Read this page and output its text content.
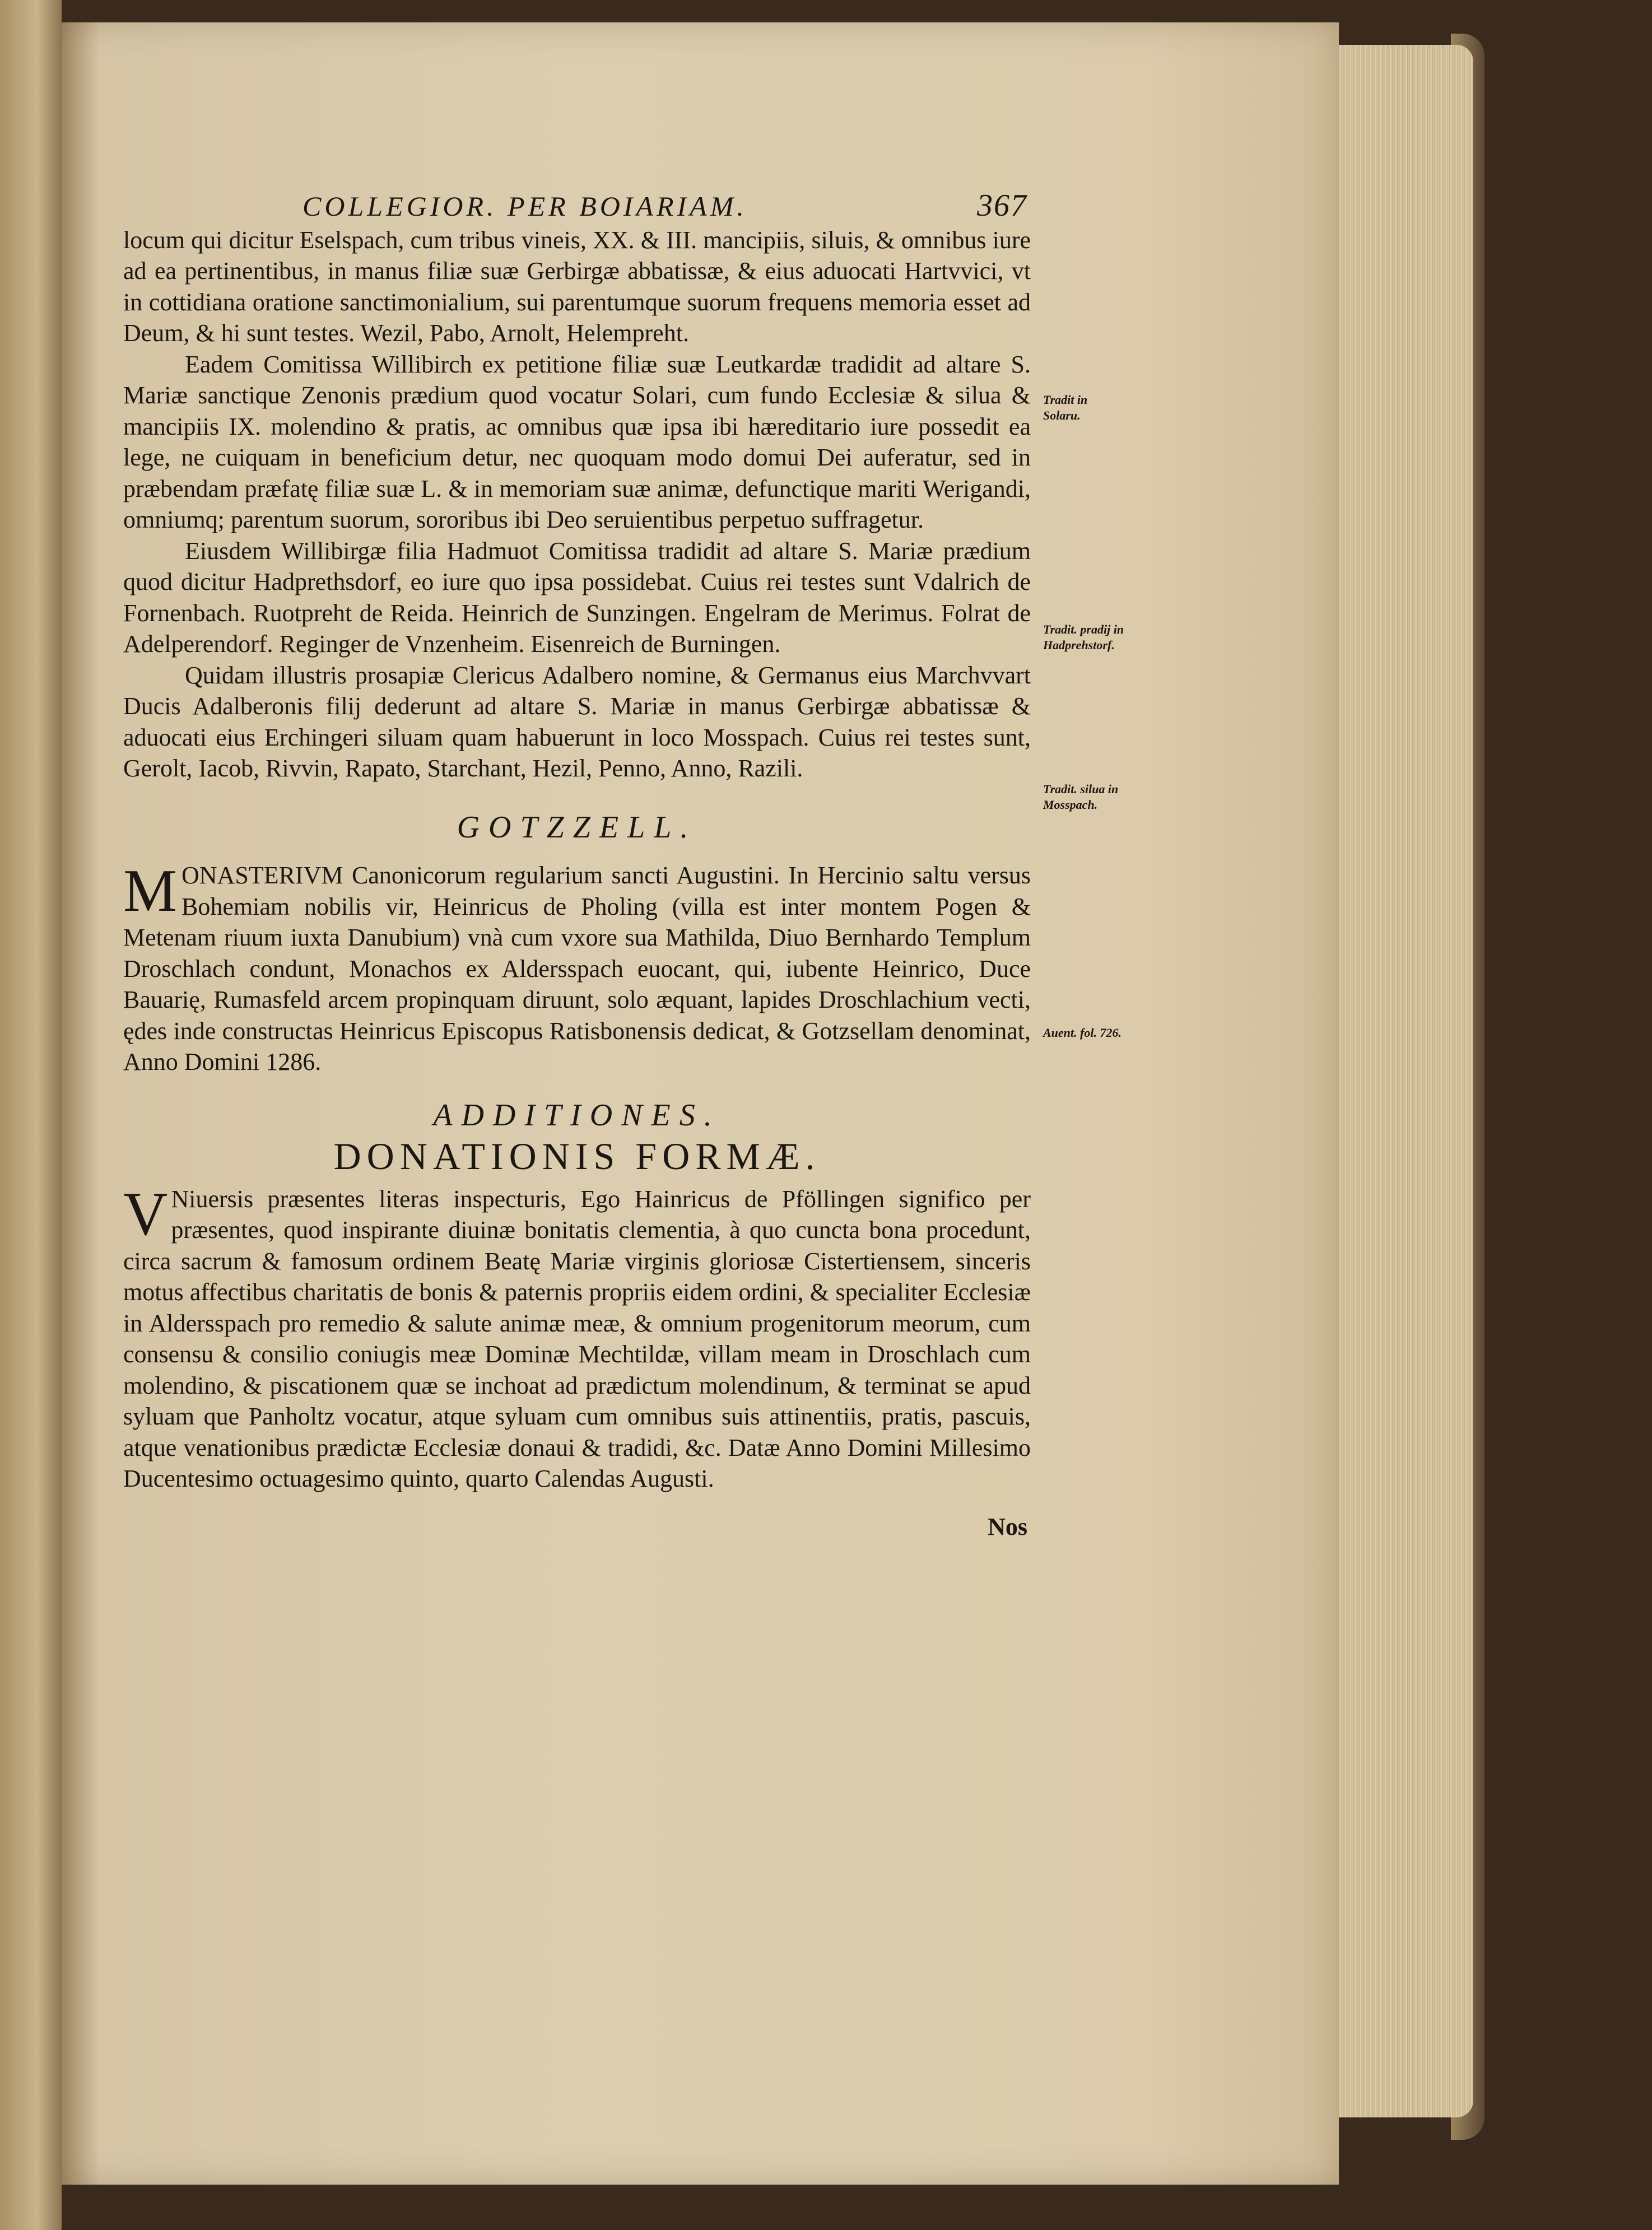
COLLEGIOR. PER BOIARIAM.	367

locum qui dicitur Eselspach, cum tribus vineis, XX. & III. mancipiis, siluis, & omnibus iure ad ea pertinentibus, in manus filiæ suæ Gerbirgæ abbatissæ, & eius aduocati Hartvvici, vt in cottidiana oratione sanctimonialium, sui parentumque suorum frequens memoria esset ad Deum, & hi sunt testes. Wezil, Pabo, Arnolt, Helempreht.

Eadem Comitissa Willibirch ex petitione filiæ suæ Leutkardæ tradidit ad altare S. Mariæ sanctique Zenonis prædium quod vocatur Solari, cum fundo Ecclesiæ & silua & mancipiis IX. molendino & pratis, ac omnibus quæ ipsa ibi hæreditario iure possedit ea lege, ne cuiquam in beneficium detur, nec quoquam modo domui Dei auferatur, sed in præbendam præfatę filiæ suæ L. & in memoriam suæ animæ, defunctique mariti Werigandi, omniumq; parentum suorum, sororibus ibi Deo seruientibus perpetuo suffragetur.

Eiusdem Willibirgæ filia Hadmuot Comitissa tradidit ad altare S. Mariæ prædium quod dicitur Hadprethsdorf, eo iure quo ipsa possidebat. Cuius rei testes sunt Vdalrich de Fornenbach. Ruotpreht de Reida. Heinrich de Sunzingen. Engelram de Merimus. Folrat de Adelperendorf. Reginger de Vnzenheim. Eisenreich de Burningen.

Quidam illustris prosapiæ Clericus Adalbero nomine, & Germanus eius Marchvvart Ducis Adalberonis filij dederunt ad altare S. Mariæ in manus Gerbirgæ abbatissæ & aduocati eius Erchingeri siluam quam habuerunt in loco Mosspach. Cuius rei testes sunt, Gerolt, Iacob, Rivvin, Rapato, Starchant, Hezil, Penno, Anno, Razili.

GOTZZELL.

MONASTERIVM Canonicorum regularium sancti Augustini. In Hercinio saltu versus Bohemiam nobilis vir, Heinricus de Pholing (villa est inter montem Pogen & Metenam riuum iuxta Danubium) vnà cum vxore sua Mathilda, Diuo Bernhardo Templum Droschlach condunt, Monachos ex Aldersspach euocant, qui, iubente Heinrico, Duce Bauarię, Rumasfeld arcem propinquam diruunt, solo æquant, lapides Droschlachium vecti, ędes inde constructas Heinricus Episcopus Ratisbonensis dedicat, & Gotzsellam denominat, Anno Domini 1286.

ADDITIONES.
DONATIONIS FORMÆ.

V Niuersis præsentes literas inspecturis, Ego Hainricus de Pföllingen significo per præsentes, quod inspirante diuinæ bonitatis clementia, à quo cuncta bona procedunt, circa sacrum & famosum ordinem Beatę Mariæ virginis gloriosæ Cistertiensem, sinceris motus affectibus charitatis de bonis & paternis propriis eidem ordini, & specialiter Ecclesiæ in Aldersspach pro remedio & salute animæ meæ, & omnium progenitorum meorum, cum consensu & consilio coniugis meæ Dominæ Mechtildæ, villam meam in Droschlach cum molendino, & piscationem quæ se inchoat ad prædictum molendinum, & terminat se apud syluam que Panholtz vocatur, atque syluam cum omnibus suis attinentiis, pratis, pascuis, atque venationibus prædictæ Ecclesiæ donaui & tradidi, &c. Datæ Anno Domini Millesimo Ducentesimo octuagesimo quinto, quarto Calendas Augusti.

Nos
Tradit in Solaru.
Tradit. pradij in Hadprehstorf.
Tradit. silua in Mosspach.
Auent. fol. 726.
